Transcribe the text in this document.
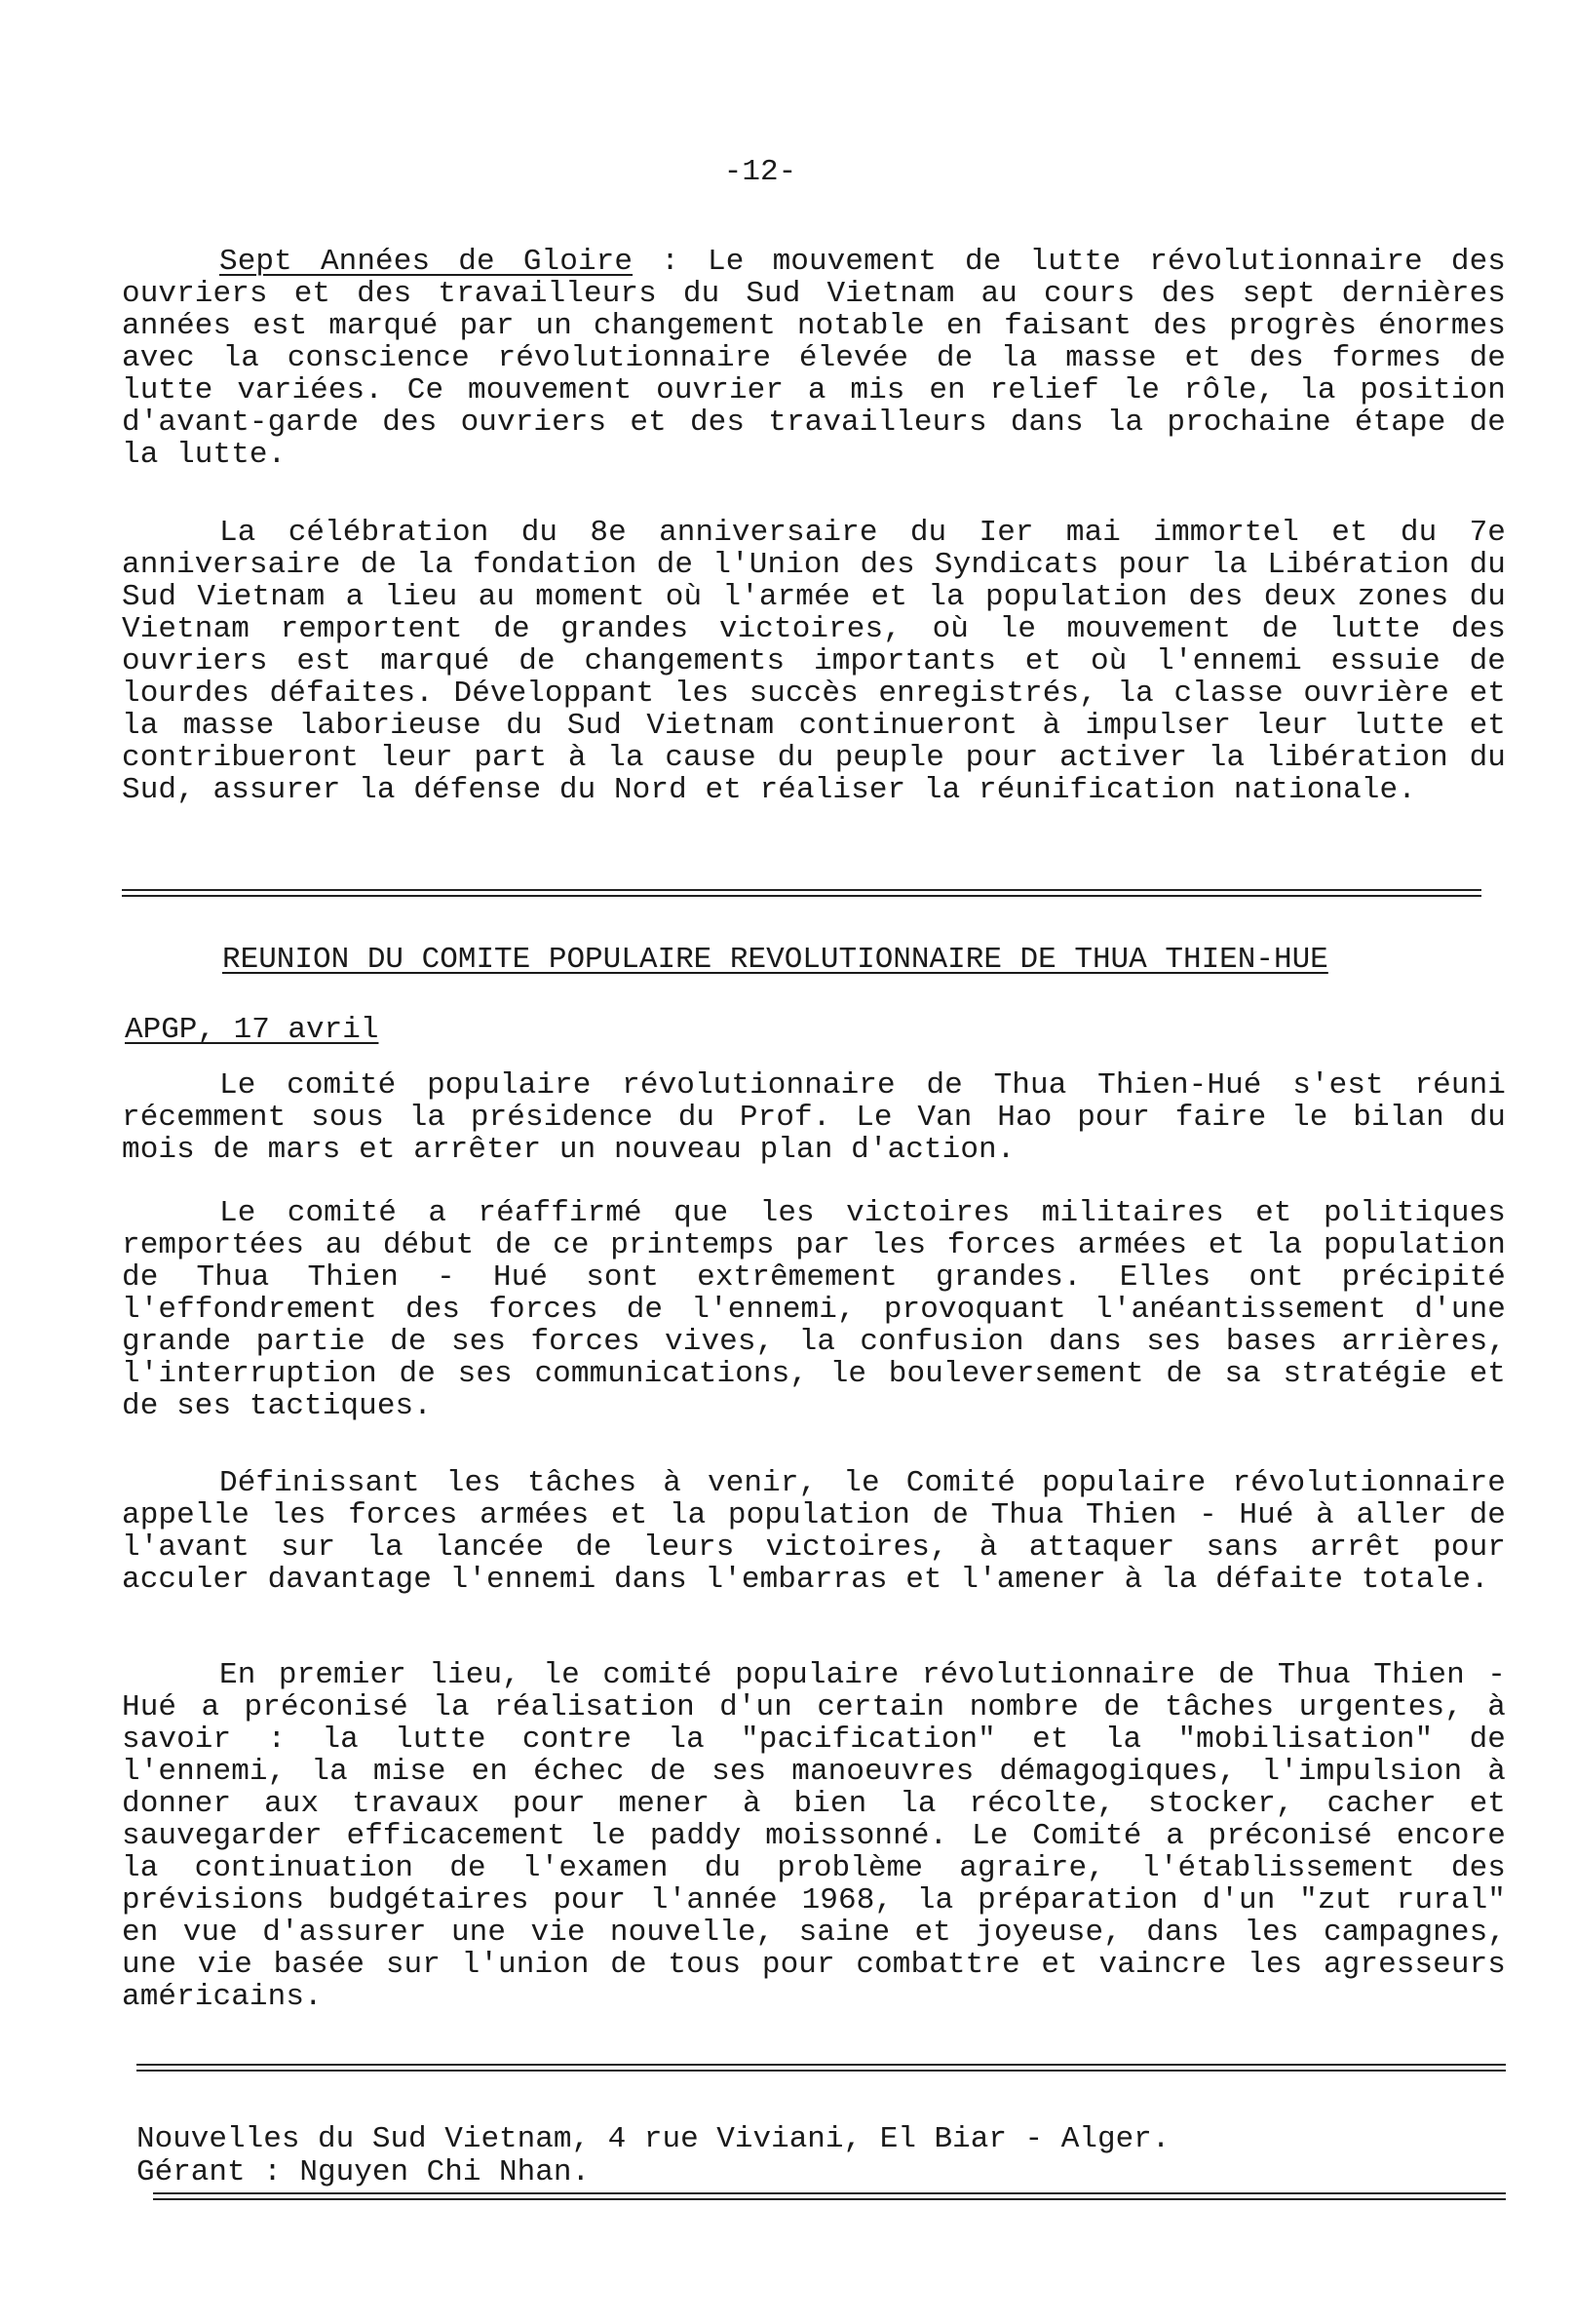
-12-

Sept Années de Gloire : Le mouvement de lutte révolutionnaire des ouvriers et des travailleurs du Sud Vietnam au cours des sept dernières années est marqué par un changement notable en faisant des progrès énormes avec la conscience révolutionnaire élevée de la masse et des formes de lutte variées. Ce mouvement ouvrier a mis en relief le rôle, la position d'avant-garde des ouvriers et des travailleurs dans la prochaine étape de la lutte.

La célébration du 8e anniversaire du Ier mai immortel et du 7e anniversaire de la fondation de l'Union des Syndicats pour la Libération du Sud Vietnam a lieu au moment où l'armée et la population des deux zones du Vietnam remportent de grandes victoires, où le mouvement de lutte des ouvriers est marqué de changements importants et où l'ennemi essuie de lourdes défaites. Développant les succès enregistrés, la classe ouvrière et la masse laborieuse du Sud Vietnam continueront à impulser leur lutte et contribueront leur part à la cause du peuple pour activer la libération du Sud, assurer la défense du Nord et réaliser la réunification nationale.

REUNION DU COMITE POPULAIRE REVOLUTIONNAIRE DE THUA THIEN-HUE
APGP, 17 avril

Le comité populaire révolutionnaire de Thua Thien-Hué s'est réuni récemment sous la présidence du Prof. Le Van Hao pour faire le bilan du mois de mars et arrêter un nouveau plan d'action.

Le comité a réaffirmé que les victoires militaires et politiques remportées au début de ce printemps par les forces armées et la population de Thua Thien - Hué sont extrêmement grandes. Elles ont précipité l'effondrement des forces de l'ennemi, provoquant l'anéantissement d'une grande partie de ses forces vives, la confusion dans ses bases arrières, l'interruption de ses communications, le bouleversement de sa stratégie et de ses tactiques.

Définissant les tâches à venir, le Comité populaire révolutionnaire appelle les forces armées et la population de Thua Thien - Hué à aller de l'avant sur la lancée de leurs victoires, à attaquer sans arrêt pour acculer davantage l'ennemi dans l'embarras et l'amener à la défaite totale.

En premier lieu, le comité populaire révolutionnaire de Thua Thien - Hué a préconisé la réalisation d'un certain nombre de tâches urgentes, à savoir : la lutte contre la "pacification" et la "mobilisation" de l'ennemi, la mise en échec de ses manoeuvres démagogiques, l'impulsion à donner aux travaux pour mener à bien la récolte, stocker, cacher et sauvegarder efficacement le paddy moissonné. Le Comité a préconisé encore la continuation de l'examen du problème agraire, l'établissement des prévisions budgétaires pour l'année 1968, la préparation d'un "zut rural" en vue d'assurer une vie nouvelle, saine et joyeuse, dans les campagnes, une vie basée sur l'union de tous pour combattre et vaincre les agresseurs américains.

Nouvelles du Sud Vietnam, 4 rue Viviani, El Biar - Alger.
Gérant : Nguyen Chi Nhan.
